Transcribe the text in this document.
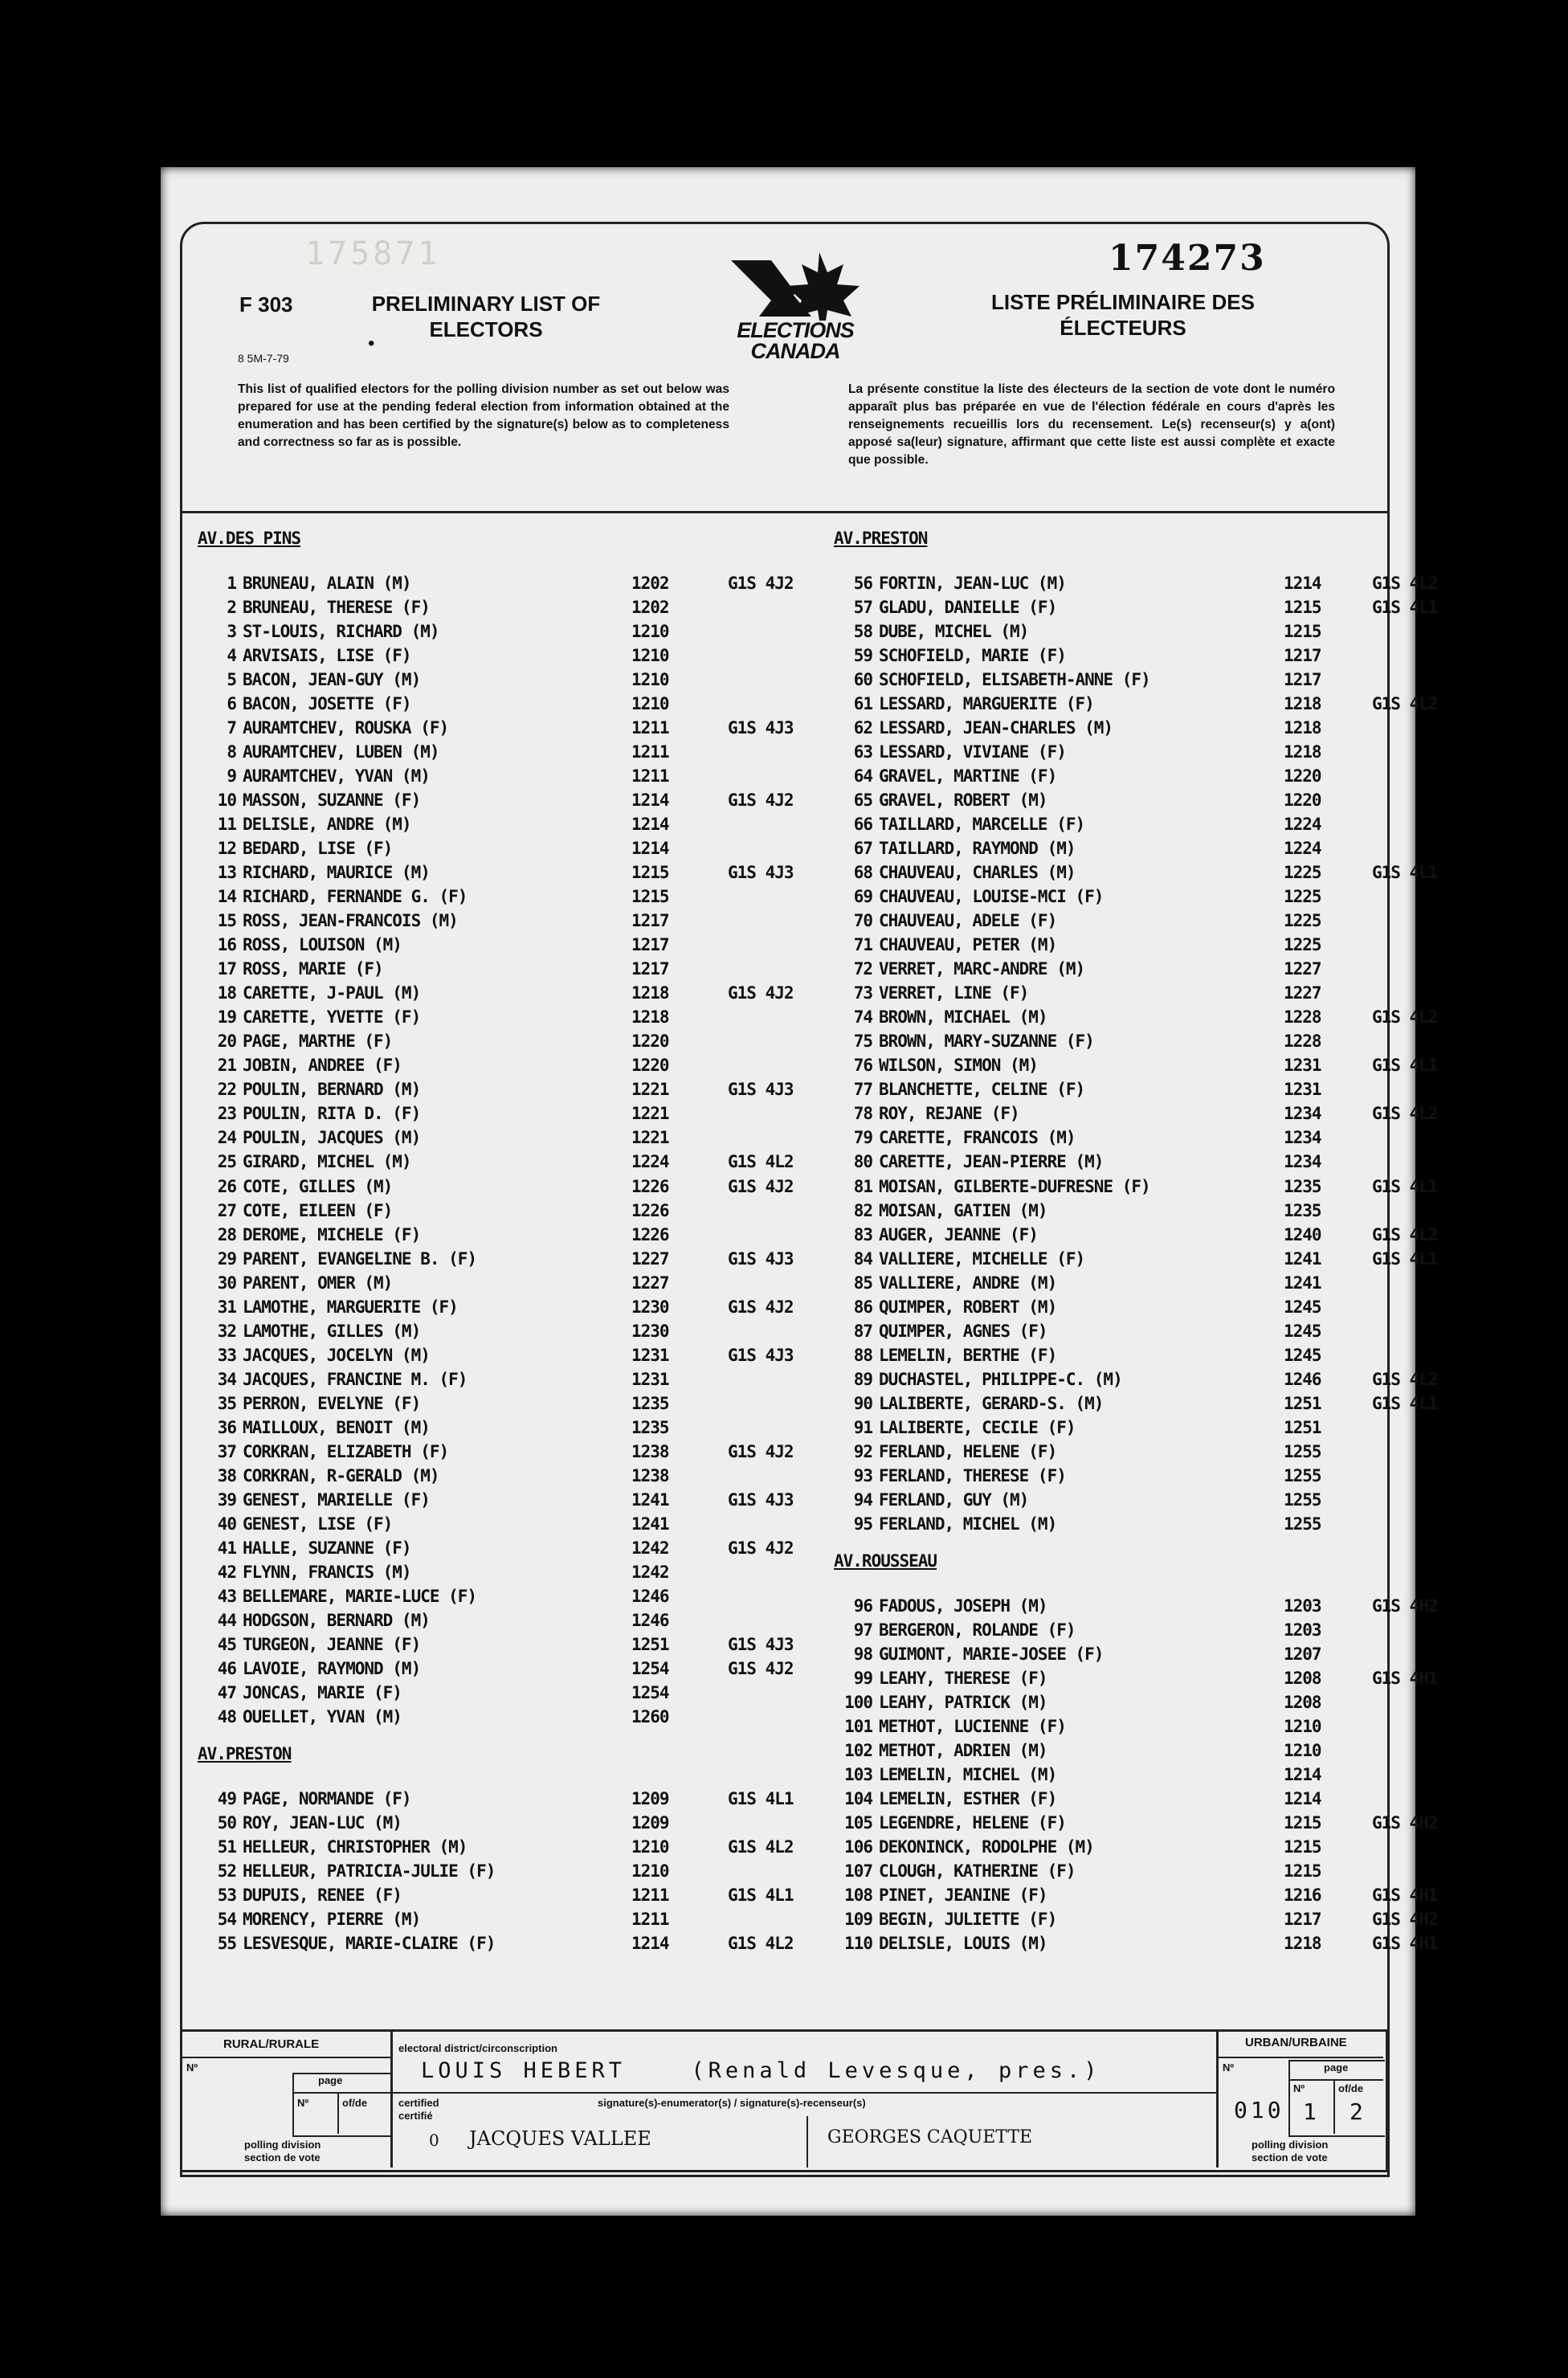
175871
F 303
8 5M-7-79
•
PRELIMINARY LIST OF ELECTORS
LISTE PRÉLIMINAIRE DES ÉLECTEURS
174273
ELECTIONS
CANADA
This list of qualified electors for the polling division number as set out below was prepared for use at the pending federal election from information obtained at the enumeration and has been certified by the signature(s) below as to completeness and correctness so far as is possible.
La présente constitue la liste des électeurs de la section de vote dont le numéro apparaît plus bas préparée en vue de l'élection fédérale en cours d'après les renseignements recueillis lors du recensement. Le(s) recenseur(s) y a(ont) apposé sa(leur) signature, affirmant que cette liste est aussi complète et exacte que possible.
AV.DES PINS
1 BRUNEAU, ALAIN (M)	1202	G1S 4J2
2 BRUNEAU, THERESE (F)	1202
3 ST-LOUIS, RICHARD (M)	1210
4 ARVISAIS, LISE (F)	1210
5 BACON, JEAN-GUY (M)	1210
6 BACON, JOSETTE (F)	1210
7 AURAMTCHEV, ROUSKA (F)	1211	G1S 4J3
8 AURAMTCHEV, LUBEN (M)	1211
9 AURAMTCHEV, YVAN (M)	1211
10 MASSON, SUZANNE (F)	1214	G1S 4J2
11 DELISLE, ANDRE (M)	1214
12 BEDARD, LISE (F)	1214
13 RICHARD, MAURICE (M)	1215	G1S 4J3
14 RICHARD, FERNANDE G. (F)	1215
15 ROSS, JEAN-FRANCOIS (M)	1217
16 ROSS, LOUISON (M)	1217
17 ROSS, MARIE (F)	1217
18 CARETTE, J-PAUL (M)	1218	G1S 4J2
19 CARETTE, YVETTE (F)	1218
20 PAGE, MARTHE (F)	1220
21 JOBIN, ANDREE (F)	1220
22 POULIN, BERNARD (M)	1221	G1S 4J3
23 POULIN, RITA D. (F)	1221
24 POULIN, JACQUES (M)	1221
25 GIRARD, MICHEL (M)	1224	G1S 4L2
26 COTE, GILLES (M)	1226	G1S 4J2
27 COTE, EILEEN (F)	1226
28 DEROME, MICHELE (F)	1226
29 PARENT, EVANGELINE B. (F)	1227	G1S 4J3
30 PARENT, OMER (M)	1227
31 LAMOTHE, MARGUERITE (F)	1230	G1S 4J2
32 LAMOTHE, GILLES (M)	1230
33 JACQUES, JOCELYN (M)	1231	G1S 4J3
34 JACQUES, FRANCINE M. (F)	1231
35 PERRON, EVELYNE (F)	1235
36 MAILLOUX, BENOIT (M)	1235
37 CORKRAN, ELIZABETH (F)	1238	G1S 4J2
38 CORKRAN, R-GERALD (M)	1238
39 GENEST, MARIELLE (F)	1241	G1S 4J3
40 GENEST, LISE (F)	1241
41 HALLE, SUZANNE (F)	1242	G1S 4J2
42 FLYNN, FRANCIS (M)	1242
43 BELLEMARE, MARIE-LUCE (F)	1246
44 HODGSON, BERNARD (M)	1246
45 TURGEON, JEANNE (F)	1251	G1S 4J3
46 LAVOIE, RAYMOND (M)	1254	G1S 4J2
47 JONCAS, MARIE (F)	1254
48 OUELLET, YVAN (M)	1260
AV.PRESTON
49 PAGE, NORMANDE (F)	1209	G1S 4L1
50 ROY, JEAN-LUC (M)	1209
51 HELLEUR, CHRISTOPHER (M)	1210	G1S 4L2
52 HELLEUR, PATRICIA-JULIE (F)	1210
53 DUPUIS, RENEE (F)	1211	G1S 4L1
54 MORENCY, PIERRE (M)	1211
55 LESVESQUE, MARIE-CLAIRE (F)	1214	G1S 4L2
AV.PRESTON
56 FORTIN, JEAN-LUC (M)	1214	G1S 4L2
57 GLADU, DANIELLE (F)	1215	G1S 4L1
58 DUBE, MICHEL (M)	1215
59 SCHOFIELD, MARIE (F)	1217
60 SCHOFIELD, ELISABETH-ANNE (F)	1217
61 LESSARD, MARGUERITE (F)	1218	G1S 4L2
62 LESSARD, JEAN-CHARLES (M)	1218
63 LESSARD, VIVIANE (F)	1218
64 GRAVEL, MARTINE (F)	1220
65 GRAVEL, ROBERT (M)	1220
66 TAILLARD, MARCELLE (F)	1224
67 TAILLARD, RAYMOND (M)	1224
68 CHAUVEAU, CHARLES (M)	1225	G1S 4L1
69 CHAUVEAU, LOUISE-MCI (F)	1225
70 CHAUVEAU, ADELE (F)	1225
71 CHAUVEAU, PETER (M)	1225
72 VERRET, MARC-ANDRE (M)	1227
73 VERRET, LINE (F)	1227
74 BROWN, MICHAEL (M)	1228	G1S 4L2
75 BROWN, MARY-SUZANNE (F)	1228
76 WILSON, SIMON (M)	1231	G1S 4L1
77 BLANCHETTE, CELINE (F)	1231
78 ROY, REJANE (F)	1234	G1S 4L2
79 CARETTE, FRANCOIS (M)	1234
80 CARETTE, JEAN-PIERRE (M)	1234
81 MOISAN, GILBERTE-DUFRESNE (F)	1235	G1S 4L1
82 MOISAN, GATIEN (M)	1235
83 AUGER, JEANNE (F)	1240	G1S 4L2
84 VALLIERE, MICHELLE (F)	1241	G1S 4L1
85 VALLIERE, ANDRE (M)	1241
86 QUIMPER, ROBERT (M)	1245
87 QUIMPER, AGNES (F)	1245
88 LEMELIN, BERTHE (F)	1245
89 DUCHASTEL, PHILIPPE-C. (M)	1246	G1S 4L2
90 LALIBERTE, GERARD-S. (M)	1251	G1S 4L1
91 LALIBERTE, CECILE (F)	1251
92 FERLAND, HELENE (F)	1255
93 FERLAND, THERESE (F)	1255
94 FERLAND, GUY (M)	1255
95 FERLAND, MICHEL (M)	1255
AV.ROUSSEAU
96 FADOUS, JOSEPH (M)	1203	G1S 4H2
97 BERGERON, ROLANDE (F)	1203
98 GUIMONT, MARIE-JOSEE (F)	1207
99 LEAHY, THERESE (F)	1208	G1S 4H1
100 LEAHY, PATRICK (M)	1208
101 METHOT, LUCIENNE (F)	1210
102 METHOT, ADRIEN (M)	1210
103 LEMELIN, MICHEL (M)	1214
104 LEMELIN, ESTHER (F)	1214
105 LEGENDRE, HELENE (F)	1215	G1S 4H2
106 DEKONINCK, RODOLPHE (M)	1215
107 CLOUGH, KATHERINE (F)	1215
108 PINET, JEANINE (F)	1216	G1S 4H1
109 BEGIN, JULIETTE (F)	1217	G1S 4H2
110 DELISLE, LOUIS (M)	1218	G1S 4H1
RURAL/RURALE
Nº
page
Nº	of/de
polling division
section de vote
electoral district/circonscription
LOUIS HEBERT	(Renald Levesque, pres.)
certified
certifié
signature(s)-enumerator(s) / signature(s)-recenseur(s)
0 JACQUES VALLEE	GEORGES CAQUETTE
URBAN/URBAINE
Nº	page
Nº	of/de
010 1 2
polling division
section de vote
